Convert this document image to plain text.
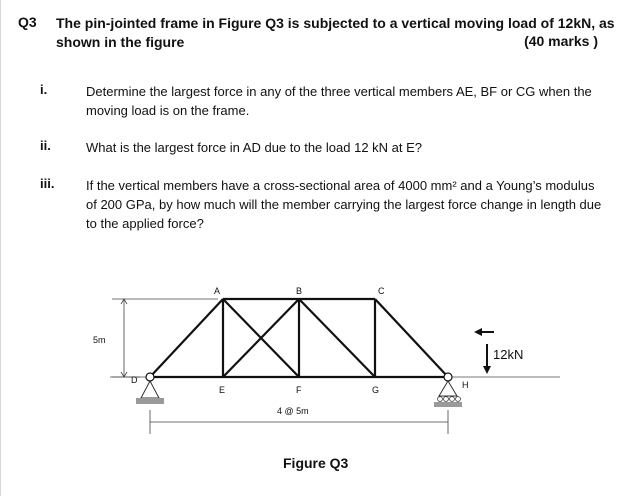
Q3 The pin-jointed frame in Figure Q3 is subjected to a vertical moving load of 12kN, as shown in the figure	(40 marks )
i.	Determine the largest force in any of the three vertical members AE, BF or CG when the moving load is on the frame.
ii.	What is the largest force in AD due to the load 12 kN at E?
iii. If the vertical members have a cross-sectional area of 4000 mm² and a Young’s modulus of 200 GPa, by how much will the member carrying the largest force change in length due to the applied force?
A	B	C
D
E	F	G	H
5m
4 @ 5m
12kN
Figure Q3
